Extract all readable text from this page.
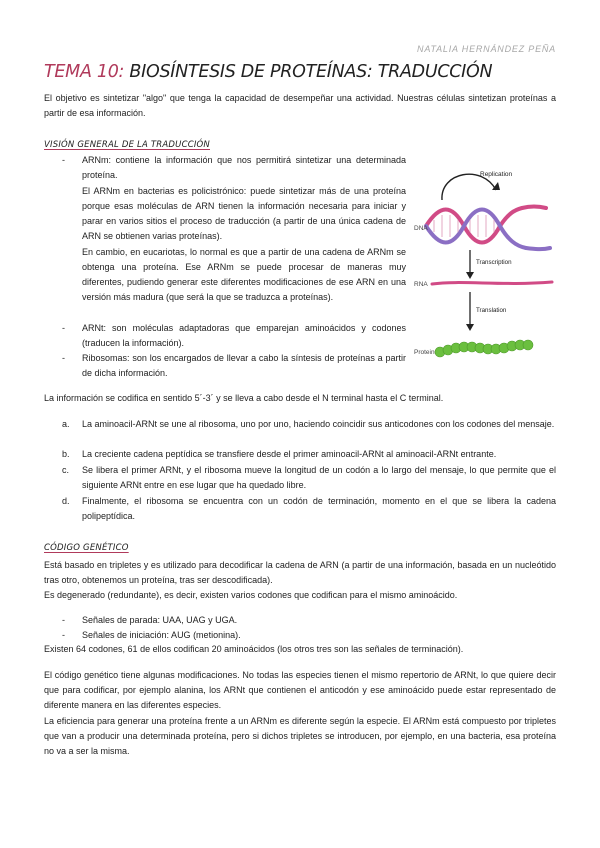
NATALIA HERNÁNDEZ PEÑA
TEMA 10: BIOSÍNTESIS DE PROTEÍNAS: TRADUCCIÓN
El objetivo es sintetizar "algo" que tenga la capacidad de desempeñar una actividad. Nuestras células sintetizan proteínas a partir de esa información.
VISIÓN GENERAL DE LA TRADUCCIÓN
- ARNm: contiene la información que nos permitirá sintetizar una determinada proteína.
El ARNm en bacterias es policistrónico: puede sintetizar más de una proteína porque esas moléculas de ARN tienen la información necesaria para iniciar y parar en varios sitios el proceso de traducción (a partir de una única cadena de ARN se obtienen varias proteínas).
En cambio, en eucariotas, lo normal es que a partir de una cadena de ARNm se obtenga una proteína. Ese ARNm se puede procesar de maneras muy diferentes, pudiendo generar este diferentes modificaciones de ese ARN en una versión más madura (que será la que se traduzca a proteínas).
- ARNt: son moléculas adaptadoras que emparejan aminoácidos y codones (traducen la información).
- Ribosomas: son los encargados de llevar a cabo la síntesis de proteínas a partir de dicha información.
Replication
DNA
Transcription
RNA
Translation
Protein
La información se codifica en sentido 5´-3´ y se lleva a cabo desde el N terminal hasta el C terminal.
a. La aminoacil-ARNt se une al ribosoma, uno por uno, haciendo coincidir sus anticodones con los codones del mensaje.
b. La creciente cadena peptídica se transfiere desde el primer aminoacil-ARNt al aminoacil-ARNt entrante.
c. Se libera el primer ARNt, y el ribosoma mueve la longitud de un codón a lo largo del mensaje, lo que permite que el siguiente ARNt entre en ese lugar que ha quedado libre.
d. Finalmente, el ribosoma se encuentra con un codón de terminación, momento en el que se libera la cadena polipeptídica.
CÓDIGO GENÉTICO
Está basado en tripletes y es utilizado para decodificar la cadena de ARN (a partir de una información, basada en un nucleótido tras otro, obtenemos un proteína, tras ser descodificada).
Es degenerado (redundante), es decir, existen varios codones que codifican para el mismo aminoácido.
- Señales de parada: UAA, UAG y UGA.
- Señales de iniciación: AUG (metionina).
Existen 64 codones, 61 de ellos codifican 20 aminoácidos (los otros tres son las señales de terminación).
El código genético tiene algunas modificaciones. No todas las especies tienen el mismo repertorio de ARNt, lo que quiere decir que para codificar, por ejemplo alanina, los ARNt que contienen el anticodón y ese aminoácido puede estar representado de diferente manera en las diferentes especies.
La eficiencia para generar una proteína frente a un ARNm es diferente según la especie. El ARNm está compuesto por tripletes que van a producir una determinada proteína, pero si dichos tripletes se introducen, por ejemplo, en una bacteria, esa proteína no va a ser la misma.
